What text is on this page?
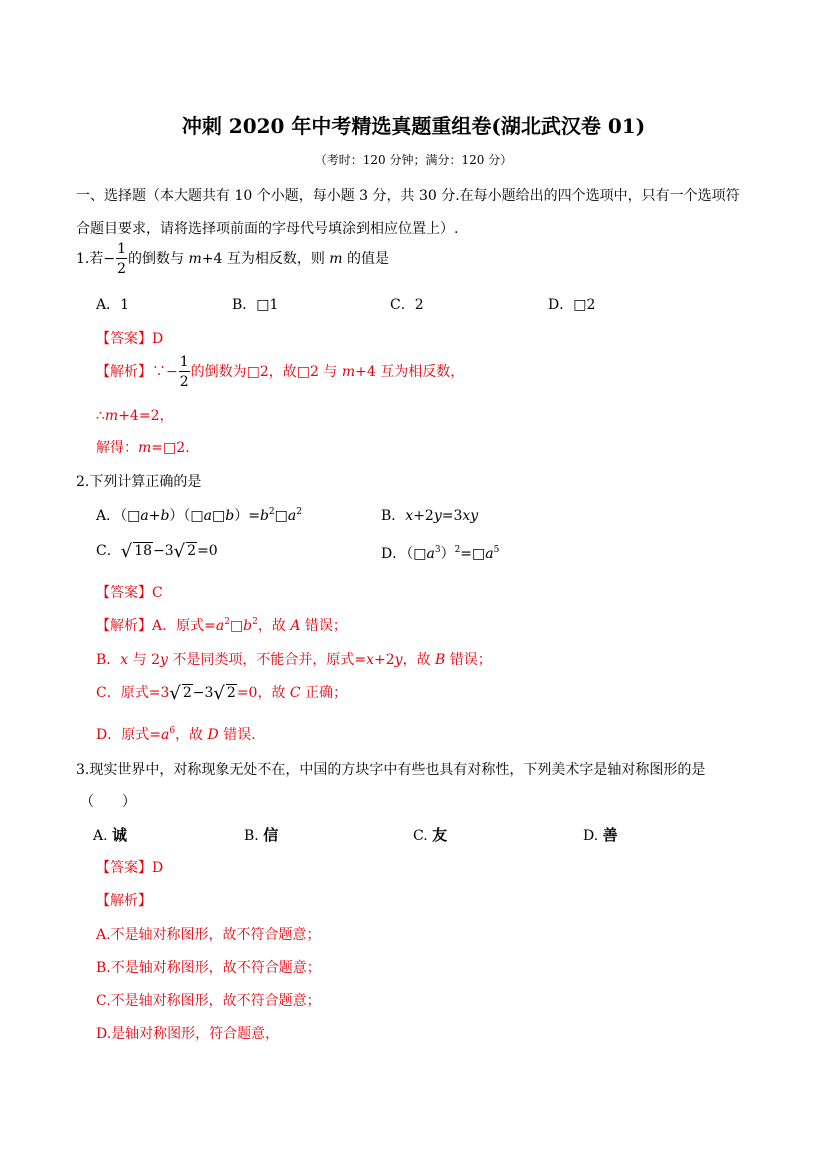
冲刺 2020 年中考精选真题重组卷(湖北武汉卷 01)
（考时：120 分钟；满分：120 分）
一、选择题（本大题共有 10 个小题，每小题 3 分，共 30 分.在每小题给出的四个选项中，只有一个选项符
合题目要求，请将选择项前面的字母代号填涂到相应位置上）.
1.若− $\frac{1}{2}$ 的倒数与 m+4 互为相反数，则 m 的值是
A．1	B．□1	C．2	D．□2
【答案】D
【解析】∵− $\frac{1}{2}$ 的倒数为□2，故□2 与 m+4 互为相反数，
∴m+4=2，
解得：m=□2.
2.下列计算正确的是
A．$(□a+b)(□a□b)=b^2□a^2$	B．x+2y=3xy
C．√ 18−3√ 2=0	D．$(□a^3)^2=□a^5$
【答案】C
【解析】A．原式$=a^2□b^2$，故 A 错误；
B．x 与 2y 不是同类项，不能合并，原式=x+2y，故 B 错误；
C．原式=3√ 2−3√ 2=0，故 C 正确；
D．原式$=a^6$，故 D 错误.
3.现实世界中，对称现象无处不在，中国的方块字中有些也具有对称性，下列美术字是轴对称图形的是
（　　）
A. 诚	B. 信	C. 友	D. 善
【答案】D
【解析】
A.不是轴对称图形，故不符合题意；
B.不是轴对称图形，故不符合题意；
C.不是轴对称图形，故不符合题意；
D.是轴对称图形，符合题意，
